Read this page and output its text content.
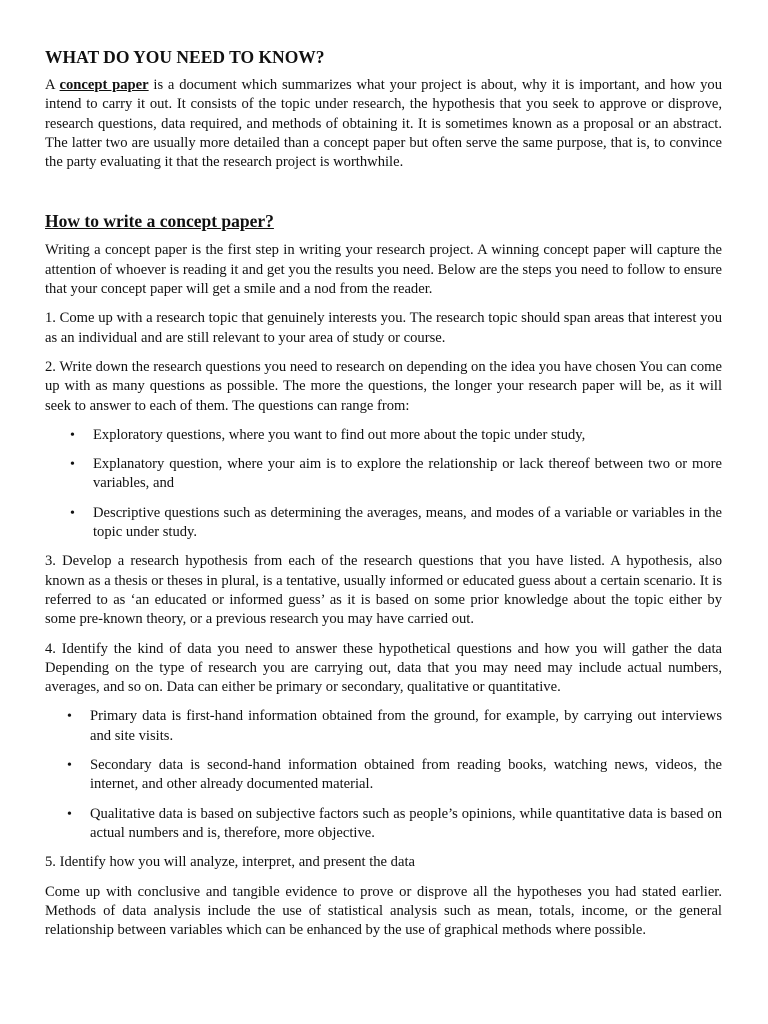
WHAT DO YOU NEED TO KNOW?

A concept paper is a document which summarizes what your project is about, why it is important, and how you intend to carry it out. It consists of the topic under research, the hypothesis that you seek to approve or disprove, research questions, data required, and methods of obtaining it. It is sometimes known as a proposal or an abstract. The latter two are usually more detailed than a concept paper but often serve the same purpose, that is, to convince the party evaluating it that the research project is worthwhile.

How to write a concept paper?

Writing a concept paper is the first step in writing your research project. A winning concept paper will capture the attention of whoever is reading it and get you the results you need. Below are the steps you need to follow to ensure that your concept paper will get a smile and a nod from the reader.

1. Come up with a research topic that genuinely interests you. The research topic should span areas that interest you as an individual and are still relevant to your area of study or course.

2. Write down the research questions you need to research on depending on the idea you have chosen You can come up with as many questions as possible. The more the questions, the longer your research paper will be, as it will seek to answer to each of them. The questions can range from:

• Exploratory questions, where you want to find out more about the topic under study,
• Explanatory question, where your aim is to explore the relationship or lack thereof between two or more variables, and
• Descriptive questions such as determining the averages, means, and modes of a variable or variables in the topic under study.

3. Develop a research hypothesis from each of the research questions that you have listed. A hypothesis, also known as a thesis or theses in plural, is a tentative, usually informed or educated guess about a certain scenario. It is referred to as ‘an educated or informed guess’ as it is based on some prior knowledge about the topic either by some pre-known theory, or a previous research you may have carried out.

4. Identify the kind of data you need to answer these hypothetical questions and how you will gather the data Depending on the type of research you are carrying out, data that you may need may include actual numbers, averages, and so on. Data can either be primary or secondary, qualitative or quantitative.

• Primary data is first-hand information obtained from the ground, for example, by carrying out interviews and site visits.
• Secondary data is second-hand information obtained from reading books, watching news, videos, the internet, and other already documented material.
• Qualitative data is based on subjective factors such as people’s opinions, while quantitative data is based on actual numbers and is, therefore, more objective.

5. Identify how you will analyze, interpret, and present the data

Come up with conclusive and tangible evidence to prove or disprove all the hypotheses you had stated earlier. Methods of data analysis include the use of statistical analysis such as mean, totals, income, or the general relationship between variables which can be enhanced by the use of graphical methods where possible.
